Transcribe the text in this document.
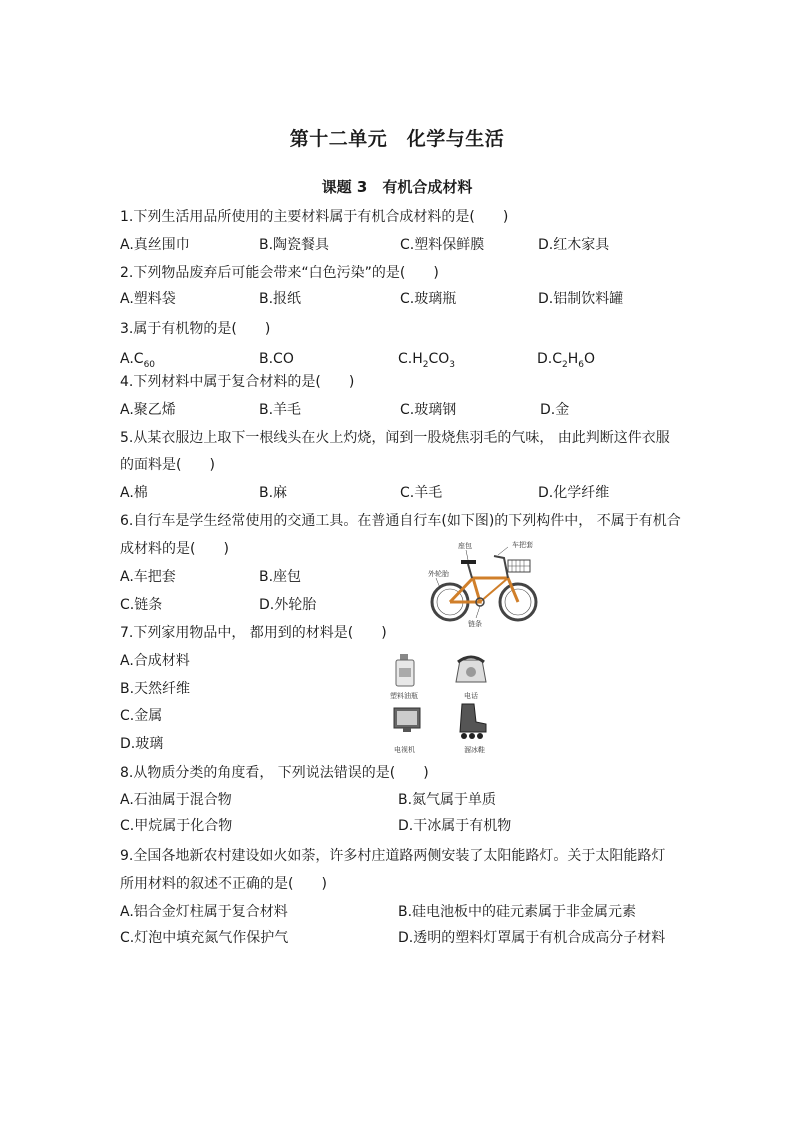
第十二单元　化学与生活
课题 3　有机合成材料
1.下列生活用品所使用的主要材料属于有机合成材料的是(　　)
A.真丝围巾	B.陶瓷餐具	C.塑料保鲜膜	D.红木家具
2.下列物品废弃后可能会带来“白色污染”的是(　　)
A.塑料袋	B.报纸	C.玻璃瓶	D.铝制饮料罐
3.属于有机物的是(　　)
$A.C_{60}$	B.CO	$C.H_2CO_3$	$D.C_2H_6O$
4.下列材料中属于复合材料的是(　　)
A.聚乙烯	B.羊毛	C.玻璃钢	D.金
5.从某衣服边上取下一根线头在火上灼烧，闻到一股烧焦羽毛的气味， 由此判断这件衣服
的面料是(　　)
A.棉	B.麻	C.羊毛	D.化学纤维
6.自行车是学生经常使用的交通工具。在普通自行车(如下图)的下列构件中， 不属于有机合
成材料的是(　　)
A.车把套	B.座包
C.链条	D.外轮胎
座包	车把套
外轮胎
链条
7.下列家用物品中， 都用到的材料是(　　)
A.合成材料
B.天然纤维
C.金属
D.玻璃
塑料油瓶	电话
电视机	溜冰鞋
8.从物质分类的角度看， 下列说法错误的是(　　)
A.石油属于混合物	B.氮气属于单质
C.甲烷属于化合物	D.干冰属于有机物
9.全国各地新农村建设如火如荼，许多村庄道路两侧安装了太阳能路灯。关于太阳能路灯
所用材料的叙述不正确的是(　　)
A.铝合金灯柱属于复合材料	B.硅电池板中的硅元素属于非金属元素
C.灯泡中填充氮气作保护气	D.透明的塑料灯罩属于有机合成高分子材料
